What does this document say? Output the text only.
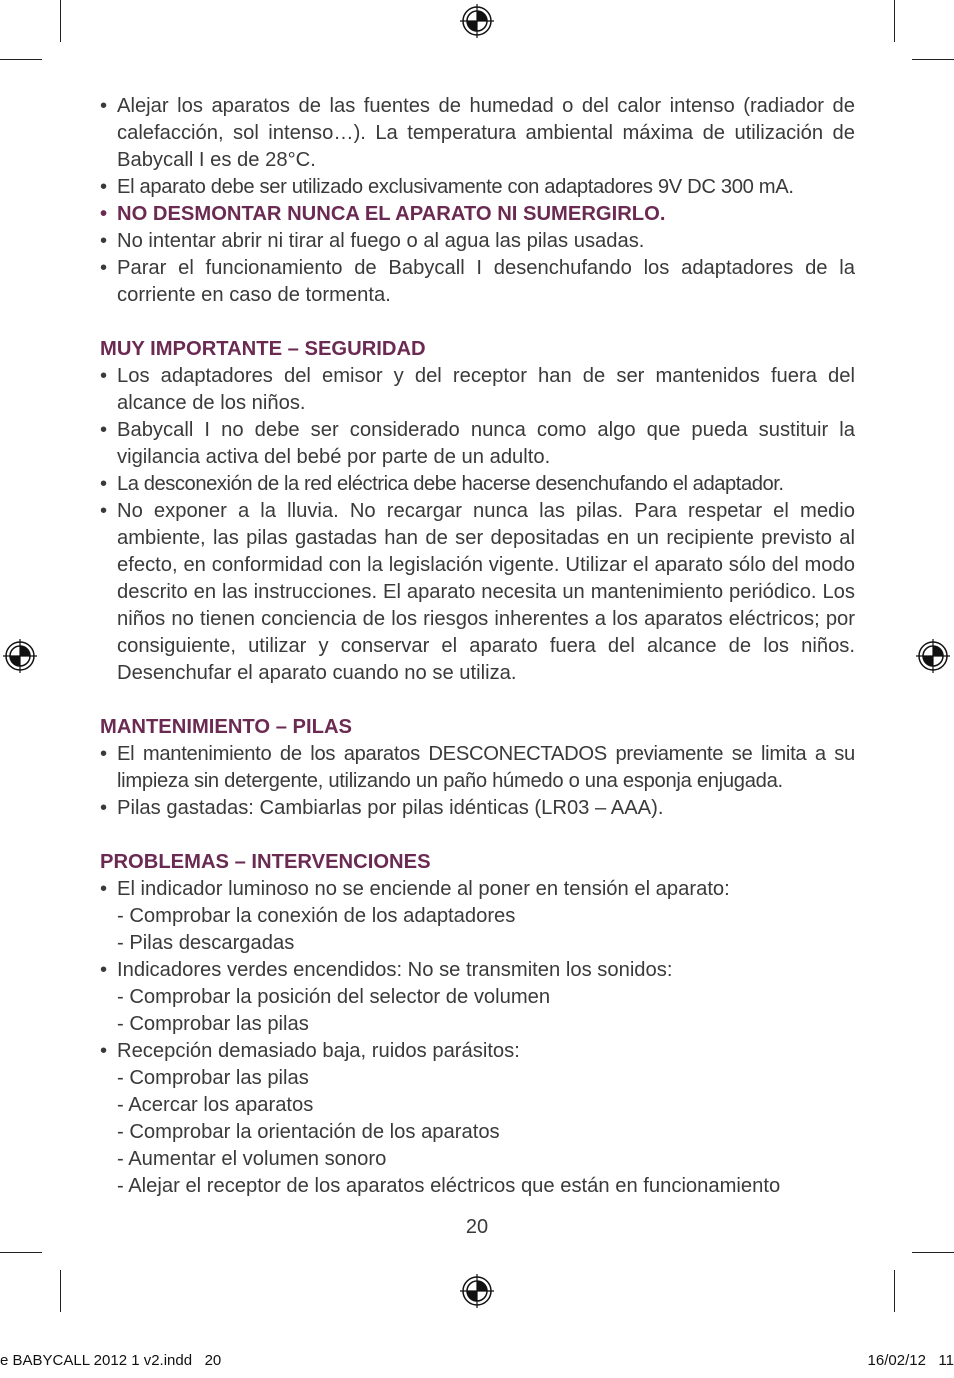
• Alejar los aparatos de las fuentes de humedad o del calor intenso (radiador de calefacción, sol intenso…). La temperatura ambiental máxima de utilización de Babycall I es de 28°C.
• El aparato debe ser utilizado exclusivamente con adaptadores 9V DC 300 mA.
• NO DESMONTAR NUNCA EL APARATO NI SUMERGIRLO.
• No intentar abrir ni tirar al fuego o al agua las pilas usadas.
• Parar el funcionamiento de Babycall I desenchufando los adaptadores de la corriente en caso de tormenta.
MUY IMPORTANTE – SEGURIDAD
• Los adaptadores del emisor y del receptor han de ser mantenidos fuera del alcance de los niños.
• Babycall I no debe ser considerado nunca como algo que pueda sustituir la vigilancia activa del bebé por parte de un adulto.
• La desconexión de la red eléctrica debe hacerse desenchufando el adaptador.
• No exponer a la lluvia. No recargar nunca las pilas. Para respetar el medio ambiente, las pilas gastadas han de ser depositadas en un recipiente previsto al efecto, en conformidad con la legislación vigente. Utilizar el aparato sólo del modo descrito en las instrucciones. El aparato necesita un mantenimiento periódico. Los niños no tienen conciencia de los riesgos inherentes a los aparatos eléctricos; por consiguiente, utilizar y conservar el aparato fuera del alcance de los niños. Desenchufar el aparato cuando no se utiliza.
MANTENIMIENTO – PILAS
• El mantenimiento de los aparatos DESCONECTADOS previamente se limita a su limpieza sin detergente, utilizando un paño húmedo o una esponja enjugada.
• Pilas gastadas: Cambiarlas por pilas idénticas (LR03 – AAA).
PROBLEMAS – INTERVENCIONES
• El indicador luminoso no se enciende al poner en tensión el aparato:
- Comprobar la conexión de los adaptadores
- Pilas descargadas
• Indicadores verdes encendidos: No se transmiten los sonidos:
- Comprobar la posición del selector de volumen
- Comprobar las pilas
• Recepción demasiado baja, ruidos parásitos:
- Comprobar las pilas
- Acercar los aparatos
- Comprobar la orientación de los aparatos
- Aumentar el volumen sonoro
- Alejar el receptor de los aparatos eléctricos que están en funcionamiento
20
e BABYCALL 2012 1 v2.indd   20	16/02/12   11
